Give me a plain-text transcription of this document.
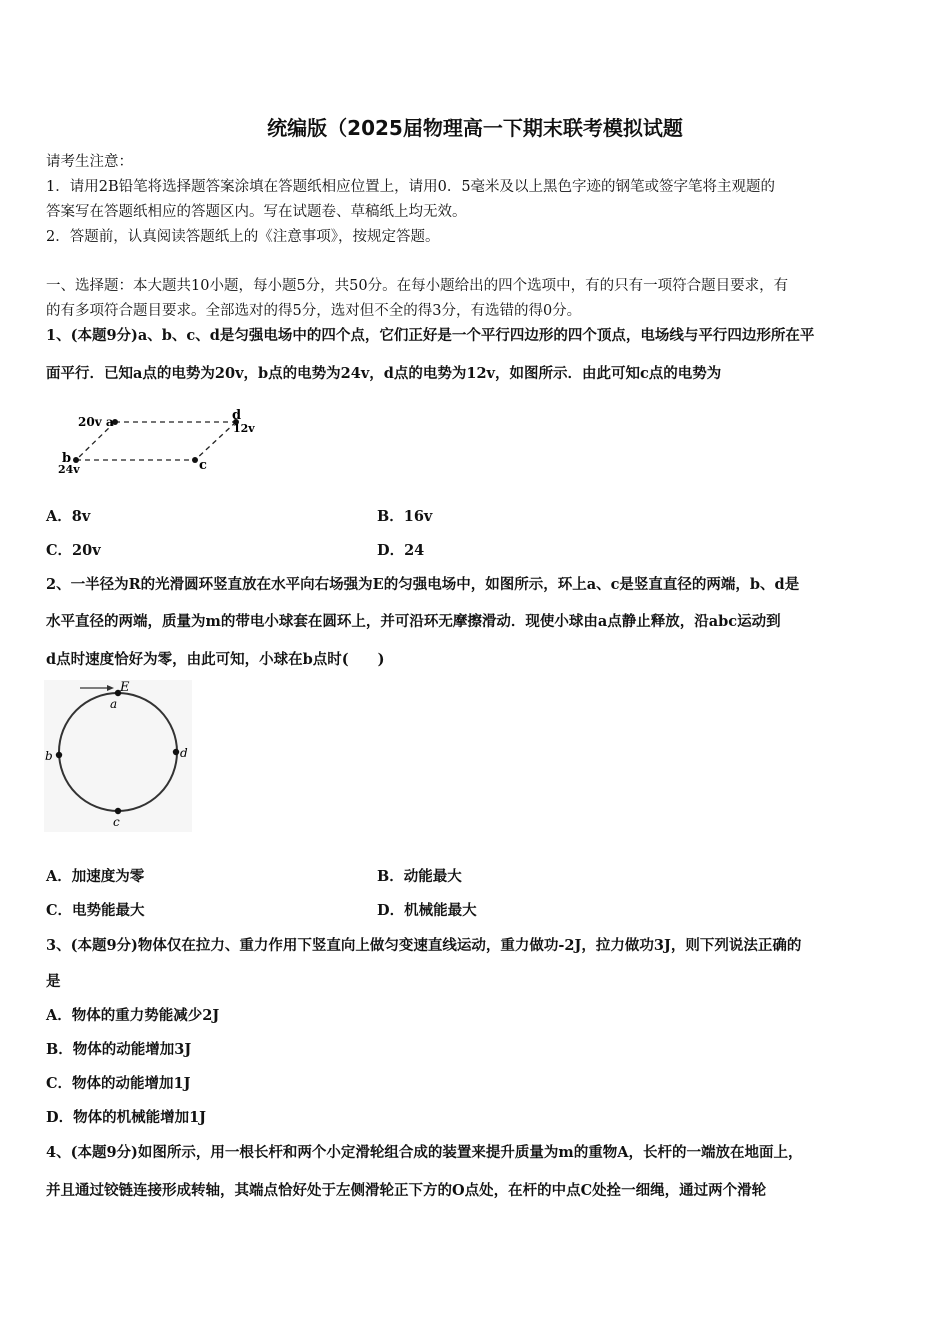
统编版（2025届物理高一下期末联考模拟试题
请考生注意：
1．请用2B铅笔将选择题答案涂填在答题纸相应位置上，请用0．5毫米及以上黑色字迹的钢笔或签字笔将主观题的
答案写在答题纸相应的答题区内。写在试题卷、草稿纸上均无效。
2．答题前，认真阅读答题纸上的《注意事项》，按规定答题。
一、选择题：本大题共10小题，每小题5分，共50分。在每小题给出的四个选项中，有的只有一项符合题目要求，有
的有多项符合题目要求。全部选对的得5分，选对但不全的得3分，有选错的得0分。
1、(本题9分)a、b、c、d是匀强电场中的四个点，它们正好是一个平行四边形的四个顶点，电场线与平行四边形所在平
面平行．已知a点的电势为20v，b点的电势为24v，d点的电势为12v，如图所示．由此可知c点的电势为
20v a	d
12v
b
24v	c
A．8v	B．16v
C．20v	D．24
2、一半径为R的光滑圆环竖直放在水平向右场强为E的匀强电场中，如图所示，环上a、c是竖直直径的两端，b、d是
水平直径的两端，质量为m的带电小球套在圆环上，并可沿环无摩擦滑动．现使小球由a点静止释放，沿abc运动到
d点时速度恰好为零，由此可知，小球在b点时(　　)
E
a
b
c
d
A．加速度为零	B．动能最大
C．电势能最大	D．机械能最大
3、(本题9分)物体仅在拉力、重力作用下竖直向上做匀变速直线运动，重力做功-2J，拉力做功3J，则下列说法正确的
是
A．物体的重力势能减少2J
B．物体的动能增加3J
C．物体的动能增加1J
D．物体的机械能增加1J
4、(本题9分)如图所示，用一根长杆和两个小定滑轮组合成的装置来提升质量为m的重物A，长杆的一端放在地面上，
并且通过铰链连接形成转轴，其端点恰好处于左侧滑轮正下方的O点处，在杆的中点C处拴一细绳，通过两个滑轮
